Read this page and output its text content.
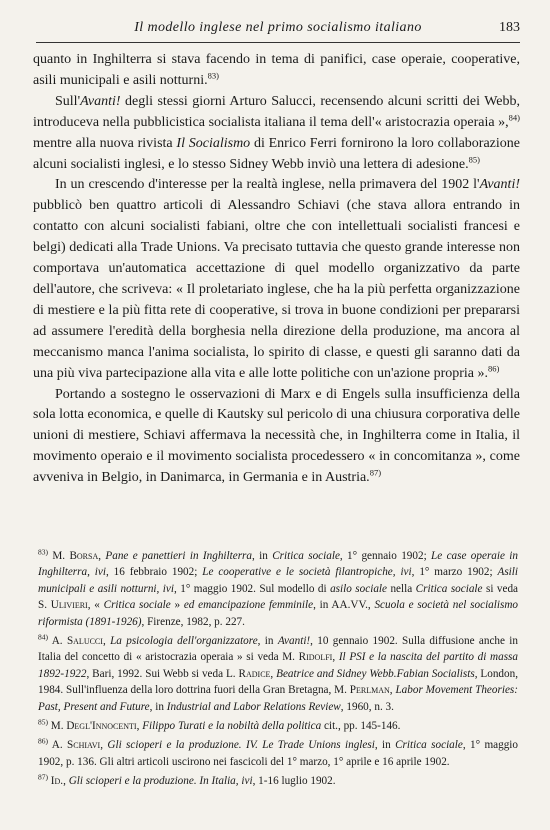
Il modello inglese nel primo socialismo italiano	183

quanto in Inghilterra si stava facendo in tema di panifici, case operaie, cooperative, asili municipali e asili notturni.$^{83)}$

Sull'Avanti! degli stessi giorni Arturo Salucci, recensendo alcuni scritti dei Webb, introduceva nella pubblicistica socialista italiana il tema dell'« aristocrazia operaia »,$^{84)}$ mentre alla nuova rivista Il Socialismo di Enrico Ferri fornirono la loro collaborazione alcuni socialisti inglesi, e lo stesso Sidney Webb inviò una lettera di adesione.$^{85)}$

In un crescendo d'interesse per la realtà inglese, nella primavera del 1902 l'Avanti! pubblicò ben quattro articoli di Alessandro Schiavi (che stava allora entrando in contatto con alcuni socialisti fabiani, oltre che con intellettuali socialisti francesi e belgi) dedicati alla Trade Unions. Va precisato tuttavia che questo grande interesse non comportava un'automatica accettazione di quel modello organizzativo da parte dell'autore, che scriveva: « Il proletariato inglese, che ha la più perfetta organizzazione di mestiere e la più fitta rete di cooperative, si trova in buone condizioni per prepararsi ad assumere l'eredità della borghesia nella direzione della produzione, ma ancora al meccanismo manca l'anima socialista, lo spirito di classe, e questi gli saranno dati da una più viva partecipazione alla vita e alle lotte politiche con un'azione propria ».$^{86)}$

Portando a sostegno le osservazioni di Marx e di Engels sulla insufficienza della sola lotta economica, e quelle di Kautsky sul pericolo di una chiusura corporativa delle unioni di mestiere, Schiavi affermava la necessità che, in Inghilterra come in Italia, il movimento operaio e il movimento socialista procedessero « in concomitanza », come avveniva in Belgio, in Danimarca, in Germania e in Austria.$^{87)}$

$^{83)}$ M. Borsa, Pane e panettieri in Inghilterra, in Critica sociale, 1° gennaio 1902; Le case operaie in Inghilterra, ivi, 16 febbraio 1902; Le cooperative e le società filantropiche, ivi, 1° marzo 1902; Asili municipali e asili notturni, ivi, 1° maggio 1902. Sul modello di asilo sociale nella Critica sociale si veda S. Ulivieri, « Critica sociale » ed emancipazione femminile, in AA.VV., Scuola e società nel socialismo riformista (1891-1926), Firenze, 1982, p. 227.

$^{84)}$ A. Salucci, La psicologia dell'organizzatore, in Avanti!, 10 gennaio 1902. Sulla diffusione anche in Italia del concetto di « aristocrazia operaia » si veda M. Ridolfi, Il PSI e la nascita del partito di massa 1892-1922, Bari, 1992. Sui Webb si veda L. Radice, Beatrice and Sidney Webb.Fabian Socialists, London, 1984. Sull'influenza della loro dottrina fuori della Gran Bretagna, M. Perlman, Labor Movement Theories: Past, Present and Future, in Industrial and Labor Relations Review, 1960, n. 3.

$^{85)}$ M. Degl'Innocenti, Filippo Turati e la nobiltà della politica cit., pp. 145-146.

$^{86)}$ A. Schiavi, Gli scioperi e la produzione. IV. Le Trade Unions inglesi, in Critica sociale, 1° maggio 1902, p. 136. Gli altri articoli uscirono nei fascicoli del 1° marzo, 1° aprile e 16 aprile 1902.

$^{87)}$ Id., Gli scioperi e la produzione. In Italia, ivi, 1-16 luglio 1902.
